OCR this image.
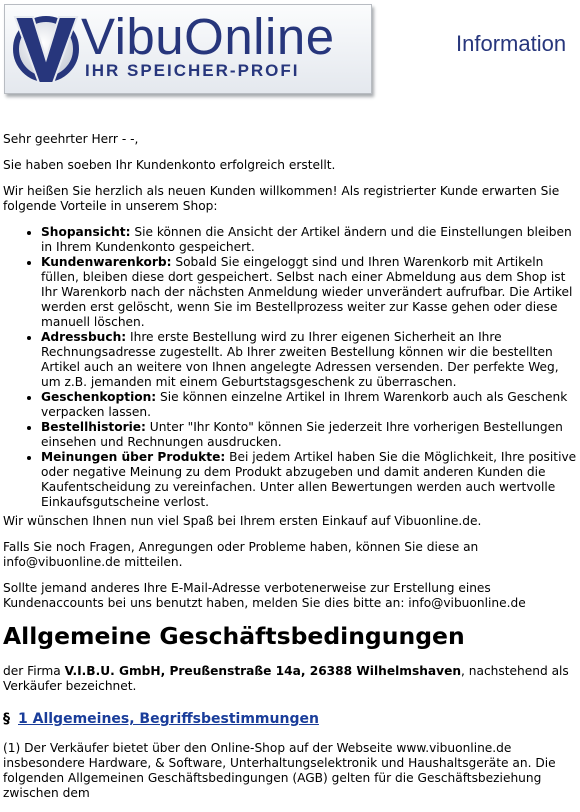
VibuOnline
IHR SPEICHER-PROFI
Information

Sehr geehrter Herr - -,

Sie haben soeben Ihr Kundenkonto erfolgreich erstellt.

Wir heißen Sie herzlich als neuen Kunden willkommen! Als registrierter Kunde erwarten Sie folgende Vorteile in unserem Shop:

• Shopansicht: Sie können die Ansicht der Artikel ändern und die Einstellungen bleiben in Ihrem Kundenkonto gespeichert.
• Kundenwarenkorb: Sobald Sie eingeloggt sind und Ihren Warenkorb mit Artikeln füllen, bleiben diese dort gespeichert. Selbst nach einer Abmeldung aus dem Shop ist Ihr Warenkorb nach der nächsten Anmeldung wieder unverändert aufrufbar. Die Artikel werden erst gelöscht, wenn Sie im Bestellprozess weiter zur Kasse gehen oder diese manuell löschen.
• Adressbuch: Ihre erste Bestellung wird zu Ihrer eigenen Sicherheit an Ihre Rechnungsadresse zugestellt. Ab Ihrer zweiten Bestellung können wir die bestellten Artikel auch an weitere von Ihnen angelegte Adressen versenden. Der perfekte Weg, um z.B. jemanden mit einem Geburtstagsgeschenk zu überraschen.
• Geschenkoption: Sie können einzelne Artikel in Ihrem Warenkorb auch als Geschenk verpacken lassen.
• Bestellhistorie: Unter "Ihr Konto" können Sie jederzeit Ihre vorherigen Bestellungen einsehen und Rechnungen ausdrucken.
• Meinungen über Produkte: Bei jedem Artikel haben Sie die Möglichkeit, Ihre positive oder negative Meinung zu dem Produkt abzugeben und damit anderen Kunden die Kaufentscheidung zu vereinfachen. Unter allen Bewertungen werden auch wertvolle Einkaufsgutscheine verlost.

Wir wünschen Ihnen nun viel Spaß bei Ihrem ersten Einkauf auf Vibuonline.de.

Falls Sie noch Fragen, Anregungen oder Probleme haben, können Sie diese an info@vibuonline.de mitteilen.

Sollte jemand anderes Ihre E-Mail-Adresse verbotenerweise zur Erstellung eines Kundenaccounts bei uns benutzt haben, melden Sie dies bitte an: info@vibuonline.de

Allgemeine Geschäftsbedingungen

der Firma V.I.B.U. GmbH, Preußenstraße 14a, 26388 Wilhelmshaven, nachstehend als Verkäufer bezeichnet.

§ 1 Allgemeines, Begriffsbestimmungen

(1) Der Verkäufer bietet über den Online-Shop auf der Webseite www.vibuonline.de insbesondere Hardware, & Software, Unterhaltungselektronik und Haushaltsgeräte an. Die folgenden Allgemeinen Geschäftsbedingungen (AGB) gelten für die Geschäftsbeziehung zwischen dem
